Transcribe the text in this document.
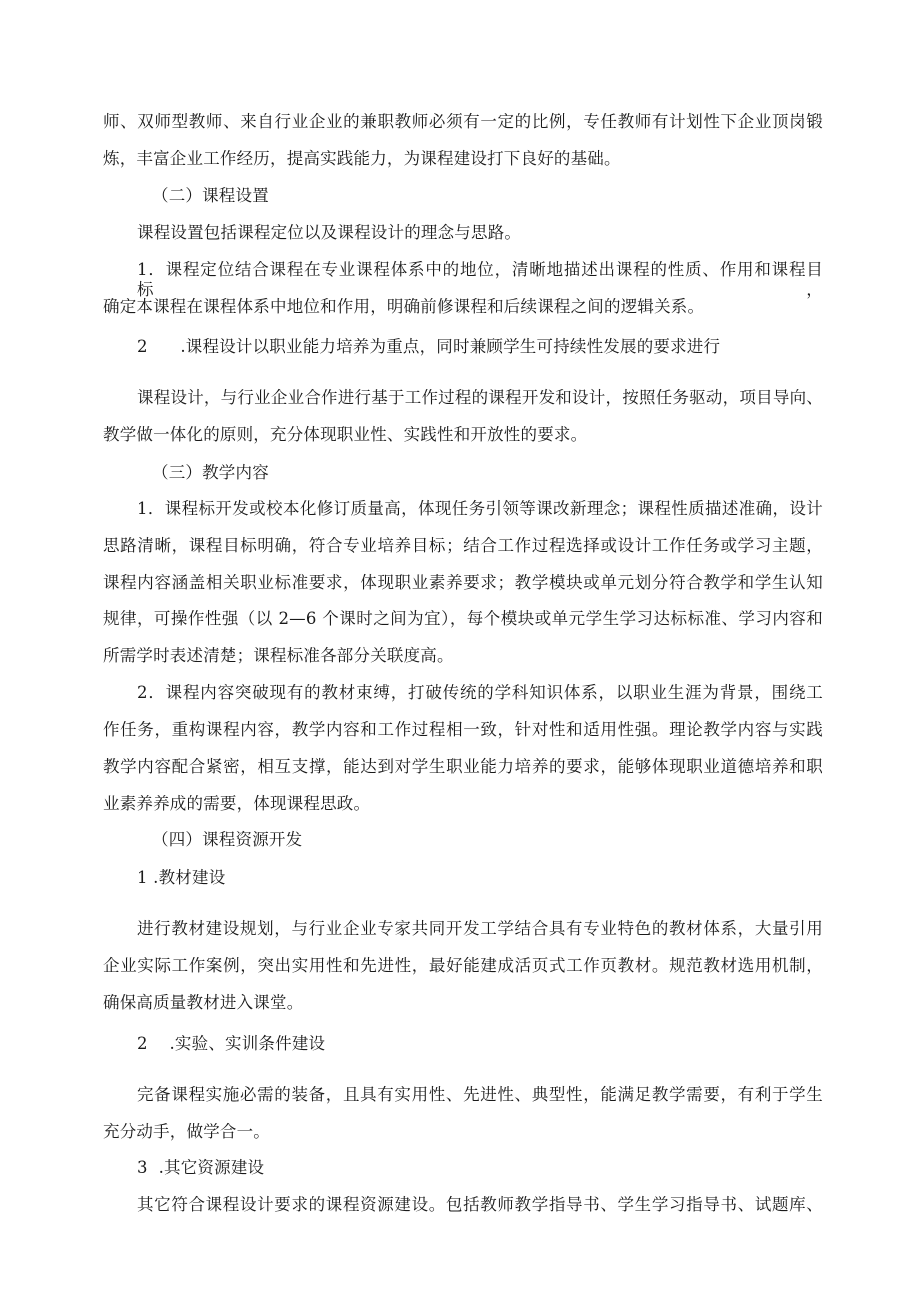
师、双师型教师、来自行业企业的兼职教师必须有一定的比例，专任教师有计划性下企业顶岗锻
炼，丰富企业工作经历，提高实践能力，为课程建设打下良好的基础。
（二）课程设置
课程设置包括课程定位以及课程设计的理念与思路。
1．课程定位结合课程在专业课程体系中的地位，清晰地描述出课程的性质、作用和课程目标，
确定本课程在课程体系中地位和作用，明确前修课程和后续课程之间的逻辑关系。
2      .课程设计以职业能力培养为重点，同时兼顾学生可持续性发展的要求进行
课程设计，与行业企业合作进行基于工作过程的课程开发和设计，按照任务驱动，项目导向、
教学做一体化的原则，充分体现职业性、实践性和开放性的要求。
（三）教学内容
1．课程标开发或校本化修订质量高，体现任务引领等课改新理念；课程性质描述准确，设计
思路清晰，课程目标明确，符合专业培养目标；结合工作过程选择或设计工作任务或学习主题，
课程内容涵盖相关职业标准要求，体现职业素养要求；教学模块或单元划分符合教学和学生认知
规律，可操作性强（以 2—6 个课时之间为宜），每个模块或单元学生学习达标标准、学习内容和
所需学时表述清楚；课程标准各部分关联度高。
2．课程内容突破现有的教材束缚，打破传统的学科知识体系，以职业生涯为背景，围绕工
作任务，重构课程内容，教学内容和工作过程相一致，针对性和适用性强。理论教学内容与实践
教学内容配合紧密，相互支撑，能达到对学生职业能力培养的要求，能够体现职业道德培养和职
业素养养成的需要，体现课程思政。
（四）课程资源开发
1 .教材建设
进行教材建设规划，与行业企业专家共同开发工学结合具有专业特色的教材体系，大量引用
企业实际工作案例，突出实用性和先进性，最好能建成活页式工作页教材。规范教材选用机制，
确保高质量教材进入课堂。
2    .实验、实训条件建设
完备课程实施必需的装备，且具有实用性、先进性、典型性，能满足教学需要，有利于学生
充分动手，做学合一。
3  .其它资源建设
其它符合课程设计要求的课程资源建设。包括教师教学指导书、学生学习指导书、试题库、
